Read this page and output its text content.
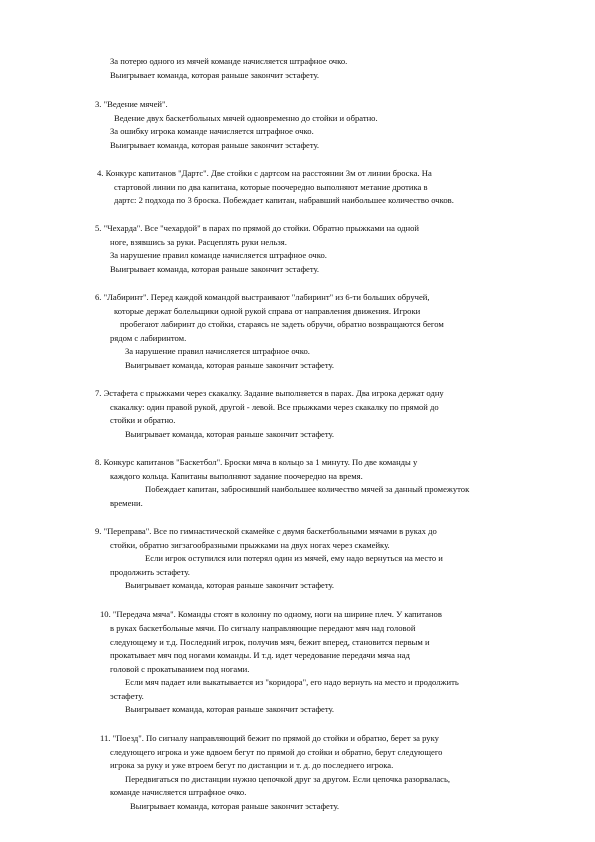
За потерю одного из мячей команде начисляется штрафное очко.
Выигрывает команда, которая раньше закончит эстафету.
3. "Ведение мячей".
Ведение двух баскетбольных мячей одновременно до стойки и обратно.
За ошибку игрока команде начисляется штрафное очко.
Выигрывает команда, которая раньше закончит эстафету.
4. Конкурс капитанов "Дартс". Две стойки с дартсом на расстоянии 3м от линии броска. На
стартовой линии по два капитана, которые поочередно выполняют метание дротика в
дартс: 2 подхода по 3 броска. Побеждает капитан, набравший наибольшее количество очков.
5. "Чехарда". Все "чехардой" в парах по прямой до стойки. Обратно прыжками на одной
ноге, взявшись за руки. Расцеплять руки нельзя.
За нарушение правил команде начисляется штрафное очко.
Выигрывает команда, которая раньше закончит эстафету.
6. "Лабиринт". Перед каждой командой выстраивают "лабиринт" из 6-ти больших обручей,
которые держат болельщики одной рукой справа от направления движения. Игроки
пробегают лабиринт до стойки, стараясь не задеть обручи, обратно возвращаются бегом
рядом с лабиринтом.
За нарушение правил начисляется штрафное очко.
Выигрывает команда, которая раньше закончит эстафету.
7. Эстафета с прыжками через скакалку. Задание выполняется в парах. Два игрока держат одну
скакалку: один правой рукой, другой - левой. Все прыжками через скакалку по прямой до
стойки и обратно.
Выигрывает команда, которая раньше закончит эстафету.
8. Конкурс капитанов "Баскетбол". Броски мяча в кольцо за 1 минуту. По две команды у
каждого кольца. Капитаны выполняют задание поочередно на время.
Побеждает капитан, забросивший наибольшее количество мячей за данный промежуток
времени.
9. "Переправа". Все по гимнастической скамейке с двумя баскетбольными мячами в руках до
стойки, обратно зигзагообразными прыжками на двух ногах через скамейку.
Если игрок оступился или потерял один из мячей, ему надо вернуться на место и
продолжить эстафету.
Выигрывает команда, которая раньше закончит эстафету.
10. "Передача мяча". Команды стоят в колонну по одному, ноги на ширине плеч. У капитанов
в руках баскетбольные мячи. По сигналу направляющие передают мяч над головой
следующему и т.д. Последний игрок, получив мяч, бежит вперед, становится первым и
прокатывает мяч под ногами команды. И т.д. идет чередование передачи мяча над
головой с прокатыванием под ногами.
Если мяч падает или выкатывается из "коридора", его надо вернуть на место и продолжить
эстафету.
Выигрывает команда, которая раньше закончит эстафету.
11. "Поезд". По сигналу направляющий бежит по прямой до стойки и обратно, берет за руку
следующего игрока и уже вдвоем бегут по прямой до стойки и обратно, берут следующего
игрока за руку и уже втроем бегут по дистанции и т. д. до последнего игрока.
Передвигаться по дистанции нужно цепочкой друг за другом. Если цепочка разорвалась,
команде начисляется штрафное очко.
Выигрывает команда, которая раньше закончит эстафету.
